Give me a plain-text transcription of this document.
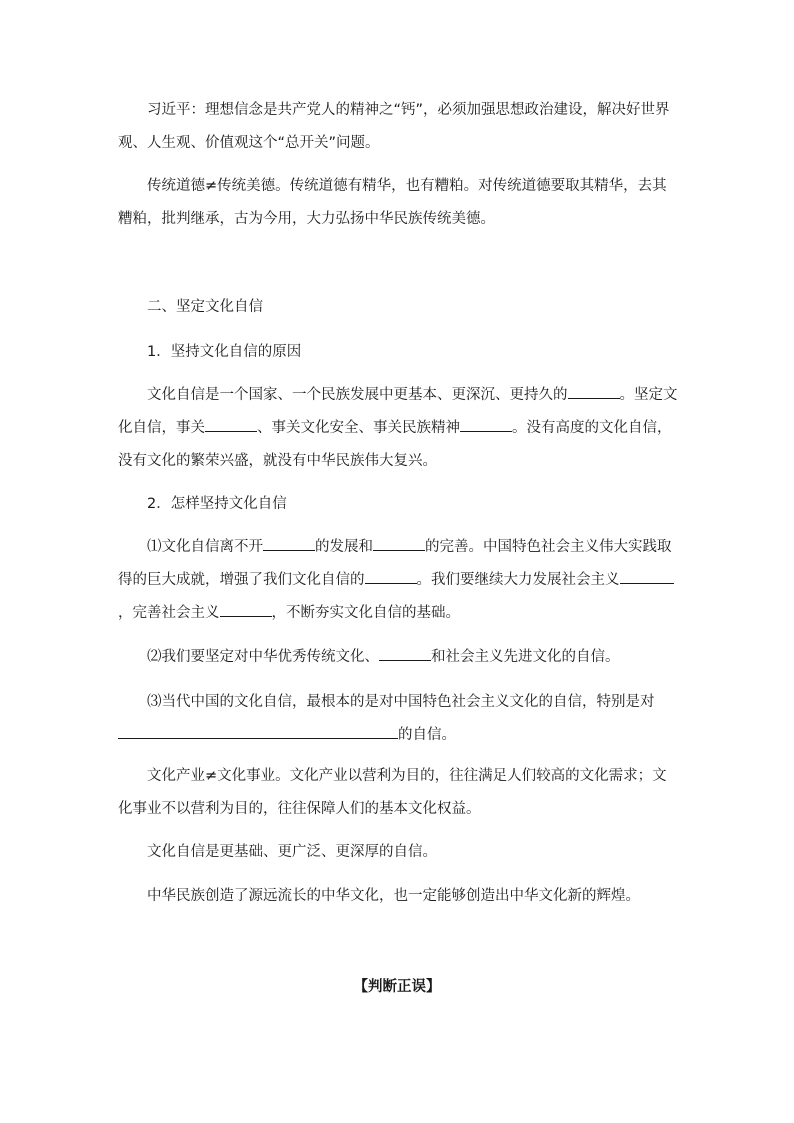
习近平：理想信念是共产党人的精神之“钙”，必须加强思想政治建设，解决好世界观、人生观、价值观这个“总开关”问题。

传统道德≠传统美德。传统道德有精华，也有糟粕。对传统道德要取其精华，去其糟粕，批判继承，古为今用，大力弘扬中华民族传统美德。

二、坚定文化自信

1．坚持文化自信的原因

文化自信是一个国家、一个民族发展中更基本、更深沉、更持久的	。坚定文化自信，事关	、事关文化安全、事关民族精神	。没有高度的文化自信，没有文化的繁荣兴盛，就没有中华民族伟大复兴。

2．怎样坚持文化自信

⑴文化自信离不开	的发展和	的完善。中国特色社会主义伟大实践取得的巨大成就，增强了我们文化自信的	。我们要继续大力发展社会主义，完善社会主义	，不断夯实文化自信的基础。

⑵我们要坚定对中华优秀传统文化、	和社会主义先进文化的自信。

⑶当代中国的文化自信，最根本的是对中国特色社会主义文化的自信，特别是对的自信。

文化产业≠文化事业。文化产业以营利为目的，往往满足人们较高的文化需求；文化事业不以营利为目的，往往保障人们的基本文化权益。

文化自信是更基础、更广泛、更深厚的自信。

中华民族创造了源远流长的中华文化，也一定能够创造出中华文化新的辉煌。

【判断正误】
